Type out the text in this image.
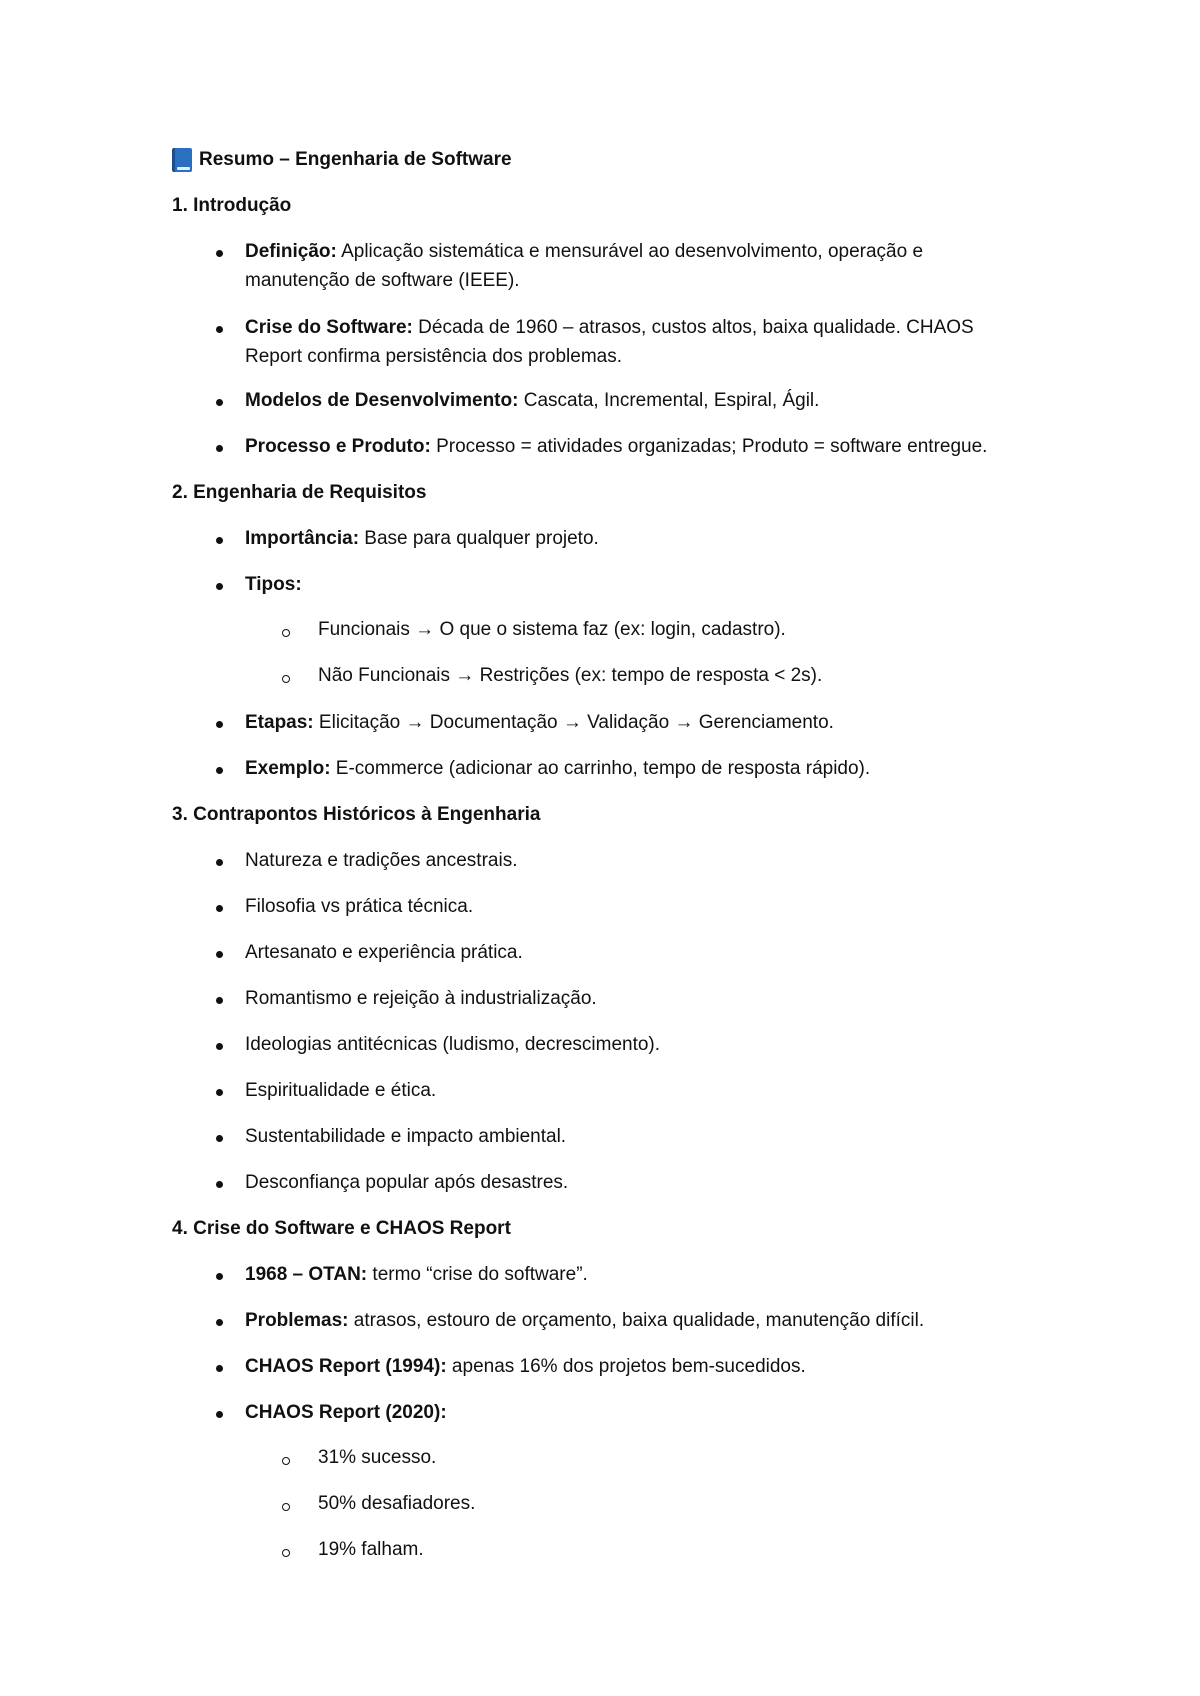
Resumo – Engenharia de Software
1. Introdução
Definição: Aplicação sistemática e mensurável ao desenvolvimento, operação e
manutenção de software (IEEE).
Crise do Software: Década de 1960 – atrasos, custos altos, baixa qualidade. CHAOS
Report confirma persistência dos problemas.
Modelos de Desenvolvimento: Cascata, Incremental, Espiral, Ágil.
Processo e Produto: Processo = atividades organizadas; Produto = software entregue.
2. Engenharia de Requisitos
Importância: Base para qualquer projeto.
Tipos:
Funcionais → O que o sistema faz (ex: login, cadastro).
Não Funcionais → Restrições (ex: tempo de resposta < 2s).
Etapas: Elicitação → Documentação → Validação → Gerenciamento.
Exemplo: E-commerce (adicionar ao carrinho, tempo de resposta rápido).
3. Contrapontos Históricos à Engenharia
Natureza e tradições ancestrais.
Filosofia vs prática técnica.
Artesanato e experiência prática.
Romantismo e rejeição à industrialização.
Ideologias antitécnicas (ludismo, decrescimento).
Espiritualidade e ética.
Sustentabilidade e impacto ambiental.
Desconfiança popular após desastres.
4. Crise do Software e CHAOS Report
1968 – OTAN: termo “crise do software”.
Problemas: atrasos, estouro de orçamento, baixa qualidade, manutenção difícil.
CHAOS Report (1994): apenas 16% dos projetos bem-sucedidos.
CHAOS Report (2020):
31% sucesso.
50% desafiadores.
19% falham.
